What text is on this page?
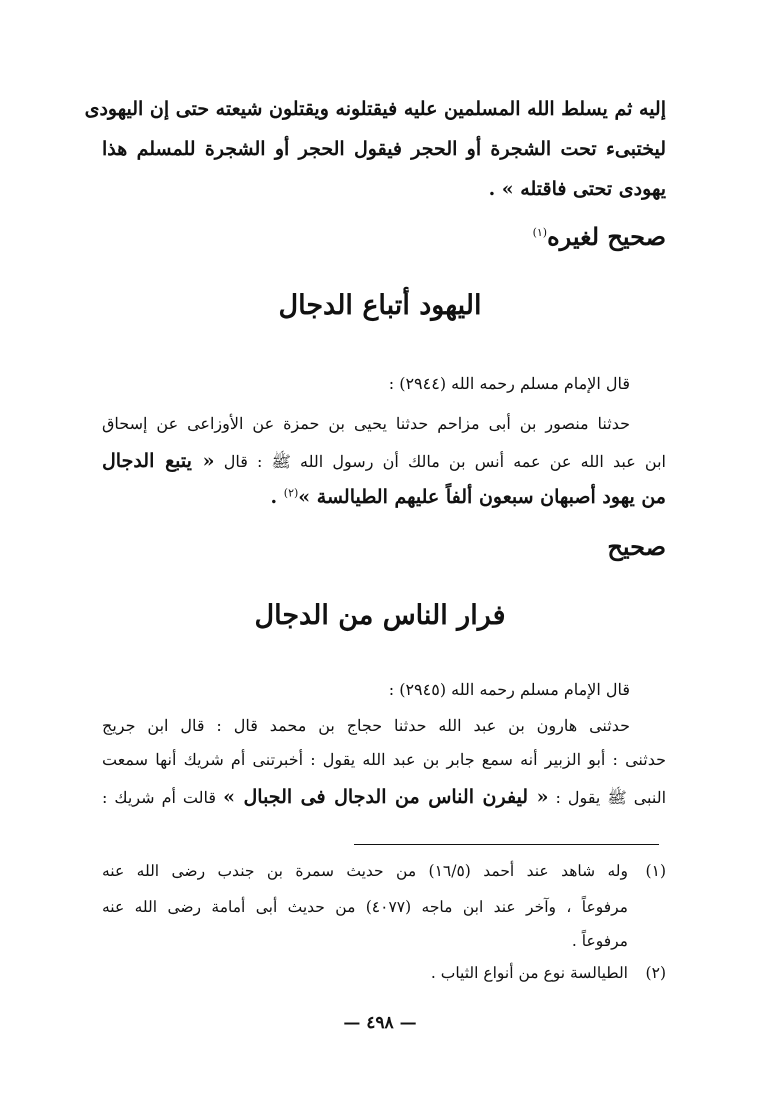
إليه ثم يسلط الله المسلمين عليه فيقتلونه ويقتلون شيعته حتى إن اليهودى
ليختبىء تحت الشجرة أو الحجر فيقول الحجر أو الشجرة للمسلم هذا
يهودى تحتى فاقتله » .
صحيح لغيره$^{(١)}$
اليهود أتباع الدجال
قال الإمام مسلم رحمه الله (٢٩٤٤) :
حدثنا منصور بن أبى مزاحم حدثنا يحيى بن حمزة عن الأوزاعى عن إسحاق
ابن عبد الله عن عمه أنس بن مالك أن رسول الله ﷺ : قال « يتبع الدجال
من يهود أصبهان سبعون ألفاً عليهم الطيالسة »$^{(٢)}$ .
صحيح
فرار الناس من الدجال
قال الإمام مسلم رحمه الله (٢٩٤٥) :
حدثنى هارون بن عبد الله حدثنا حجاج بن محمد قال : قال ابن جريج
حدثنى : أبو الزبير أنه سمع جابر بن عبد الله يقول : أخبرتنى أم شريك أنها سمعت
النبى ﷺ يقول : « ليفرن الناس من الدجال فى الجبال » قالت أم شريك :
(١)
وله شاهد عند أحمد (١٦/٥) من حديث سمرة بن جندب رضى الله عنه
مرفوعاً ، وآخر عند ابن ماجه (٤٠٧٧) من حديث أبى أمامة رضى الله عنه
مرفوعاً .
(٢)
الطيالسة نوع من أنواع الثياب .
— ٤٩٨ —
